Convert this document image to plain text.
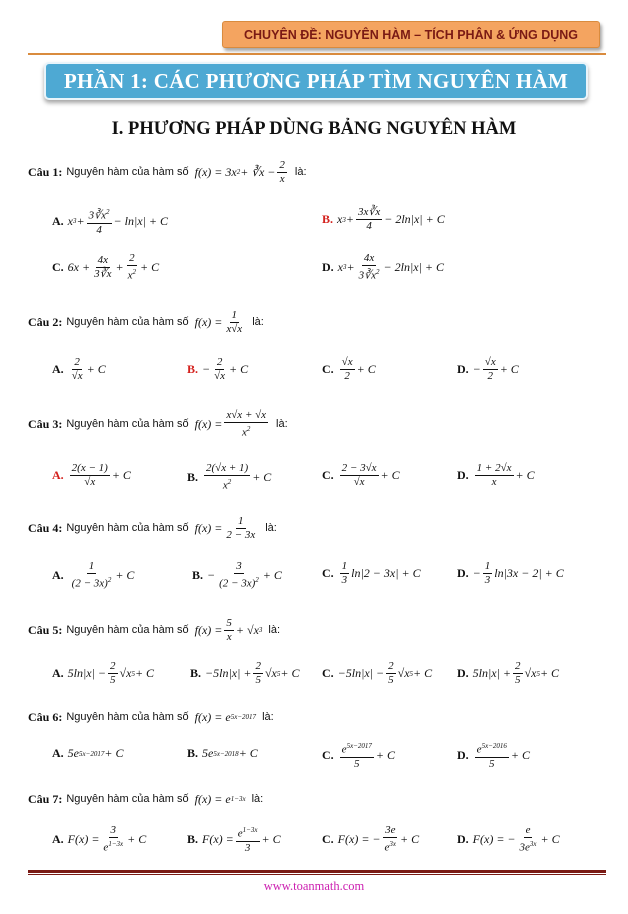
CHUYÊN ĐỀ: NGUYÊN HÀM – TÍCH PHÂN & ỨNG DỤNG
PHẦN 1: CÁC PHƯƠNG PHÁP TÌM NGUYÊN HÀM
I. PHƯƠNG PHÁP DÙNG BẢNG NGUYÊN HÀM
Câu 1: Nguyên hàm của hàm số f(x) = 3x 2 + ∛x − $\frac{2}{x}$ là:
A. x $3 + \frac{3∛x^2}{4} - \ln|x| + C$	B. x $3 + \frac{3x∛x}{4} - 2\ln|x| + C$
C. $6x + \frac{4x}{3∛x} + \frac{2}{x^2} + C$	D. x $3 + \frac{4x}{3∛x^2} - 2\ln|x| + C$
Câu 2: Nguyên hàm của hàm số $f(x) = \frac{1}{x√x}$ là:
A. $\frac{2}{√x} + C$	B. − $\frac{2}{√x} + C$	C. $\frac{√x}{2} + C$	D. − $\frac{√x}{2} + C$
Câu 3: Nguyên hàm của hàm số $f(x) = \frac{x√x + √x}{x^2}$ là:
A. $\frac{2(x - 1)}{√x} + C$	B. $\frac{2(√x + 1)}{x^2} + C$	C. $\frac{2 - 3√x}{√x} + C$	D. $\frac{1 + 2√x}{x} + C$
Câu 4: Nguyên hàm của hàm số $f(x) = \frac{1}{2 - 3x}$ là:
A. $\frac{1}{(2 - 3x)^2} + C$	B. − $\frac{3}{(2 - 3x)^2} + C$	C. $\frac{1}{3} \ln|2 - 3x| + C$	D. − $\frac{1}{3} \ln|3x - 2| + C$
Câu 5: Nguyên hàm của hàm số $f(x) = \frac{5}{x} + √x$ 3 là:
A. $5\ln|x| - \frac{2}{5} √x$ 5 + C	B. $-5\ln|x| + \frac{2}{5} √x$ 5 + C C. $-5\ln|x| - \frac{2}{5} √x$ 5 + C D. $5\ln|x| + \frac{2}{5} √x$ 5 + C
Câu 6: Nguyên hàm của hàm số f(x) = e 5x−2017 là:
A. 5e 5x−2017 + C	B. 5e 5x−2018 + C	C. $\frac{e^{5x-2017}}{5} + C$	D. $\frac{e^{5x-2016}}{5} + C$
Câu 7: Nguyên hàm của hàm số f(x) = e 1−3x là:
A. $F(x) = \frac{3}{e^{1-3x}} + C$	B. $F(x) = \frac{e^{1-3x}}{3} + C$	C. F(x) = − $\frac{3e}{e^{3x}} + C$	D. F(x) = − $\frac{e}{3e^{3x}} + C$
www.toanmath.com
